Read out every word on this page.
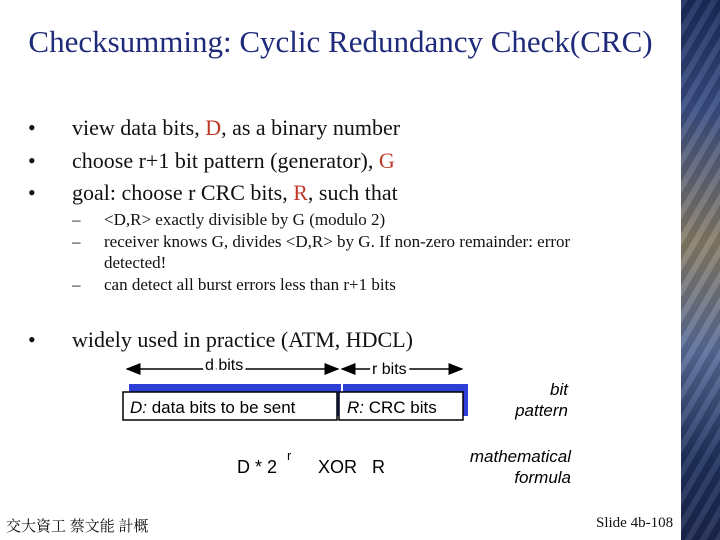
Checksumming: Cyclic Redundancy Check(CRC)
• view data bits, D, as a binary number
• choose r+1 bit pattern (generator), G
• goal: choose r CRC bits, R, such that
– <D,R> exactly divisible by G (modulo 2)
– receiver knows G, divides <D,R> by G. If non-zero remainder: error detected!
– can detect all burst errors less than r+1 bits
• widely used in practice (ATM, HDCL)
d bits	r bits
D: data bits to be sent	R: CRC bits
bit
pattern
D * 2
r
XOR   R
mathematical
formula
交大資工 蔡文能 計概	Slide 4b-108
